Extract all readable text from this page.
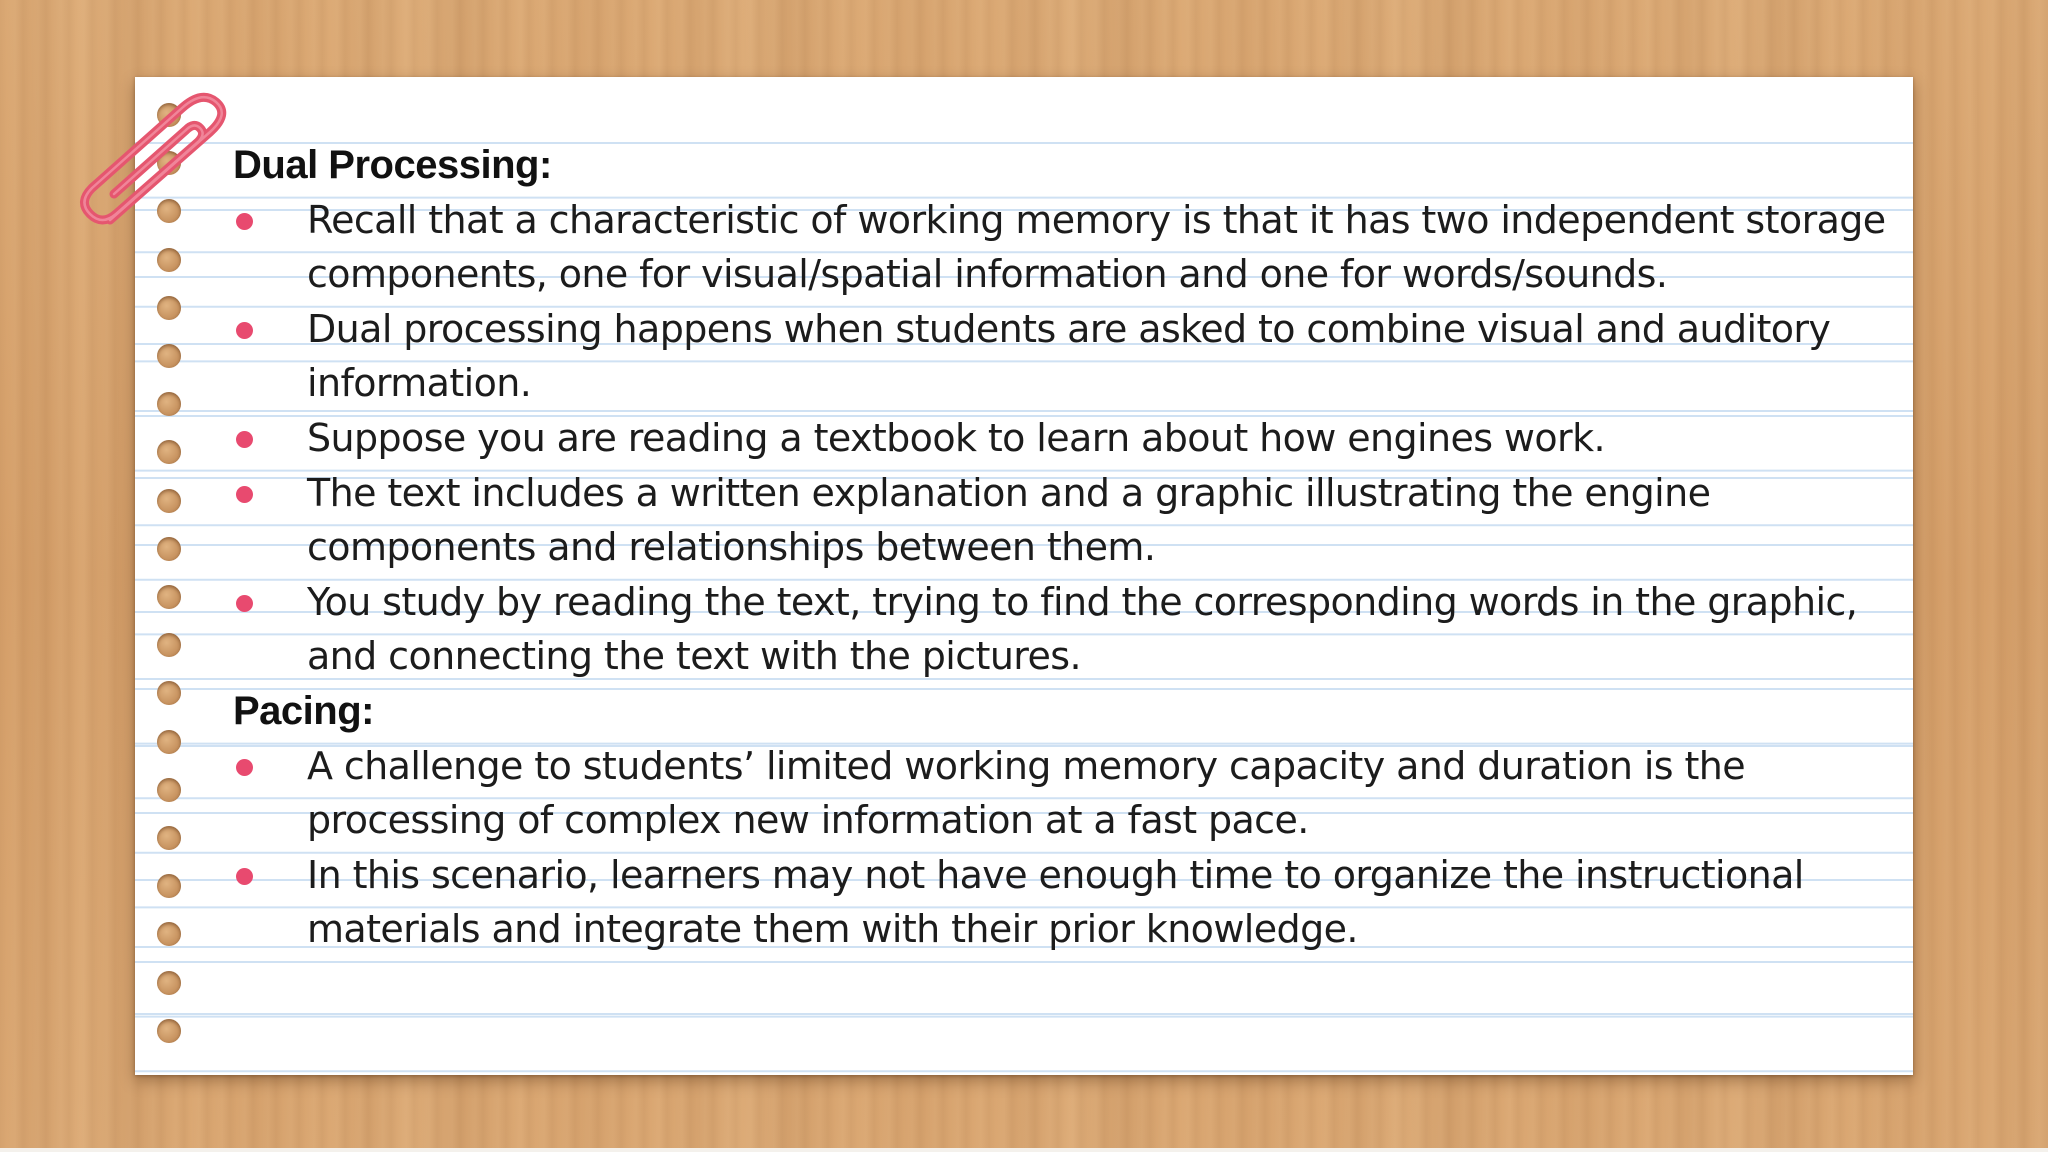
Dual Processing:
Recall that a characteristic of working memory is that it has two independent storage components, one for visual/spatial information and one for words/sounds.
Dual processing happens when students are asked to combine visual and auditory information.
Suppose you are reading a textbook to learn about how engines work.
The text includes a written explanation and a graphic illustrating the engine components and relationships between them.
You study by reading the text, trying to find the corresponding words in the graphic, and connecting the text with the pictures.
Pacing:
A challenge to students’ limited working memory capacity and duration is the processing of complex new information at a fast pace.
In this scenario, learners may not have enough time to organize the instructional materials and integrate them with their prior knowledge.
